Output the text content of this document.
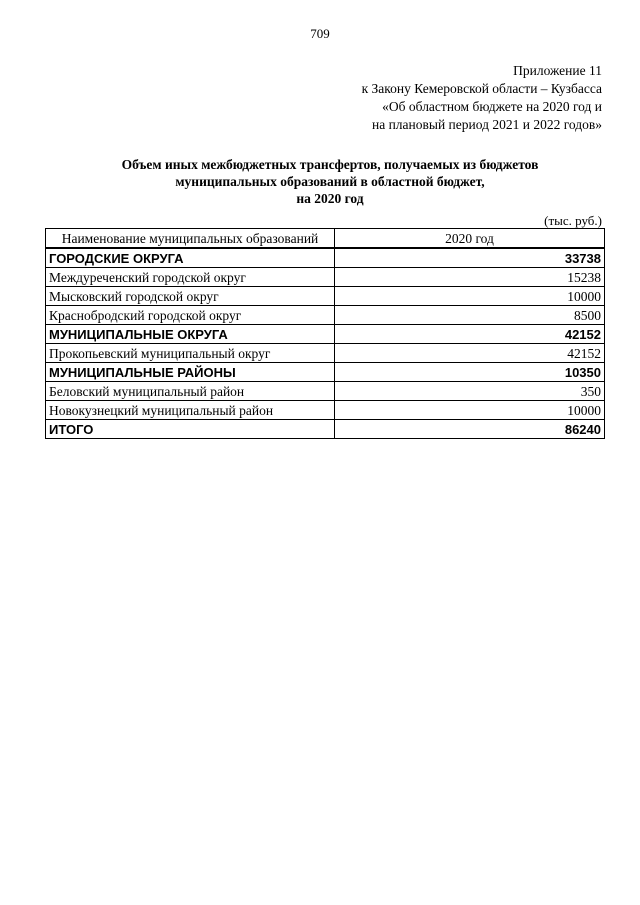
709
Приложение 11
к Закону Кемеровской области – Кузбасса
«Об областном бюджете на 2020 год и
на плановый период 2021 и 2022 годов»
Объем иных межбюджетных трансфертов, получаемых из бюджетов
муниципальных образований в областной бюджет,
на 2020 год
(тыс. руб.)
Наименование муниципальных образований	2020 год
ГОРОДСКИЕ ОКРУГА	33738
Междуреченский городской округ	15238
Мысковский городской округ	10000
Краснобродский городской округ	8500
МУНИЦИПАЛЬНЫЕ ОКРУГА	42152
Прокопьевский муниципальный округ	42152
МУНИЦИПАЛЬНЫЕ РАЙОНЫ	10350
Беловский муниципальный район	350
Новокузнецкий муниципальный район	10000
ИТОГО	86240
